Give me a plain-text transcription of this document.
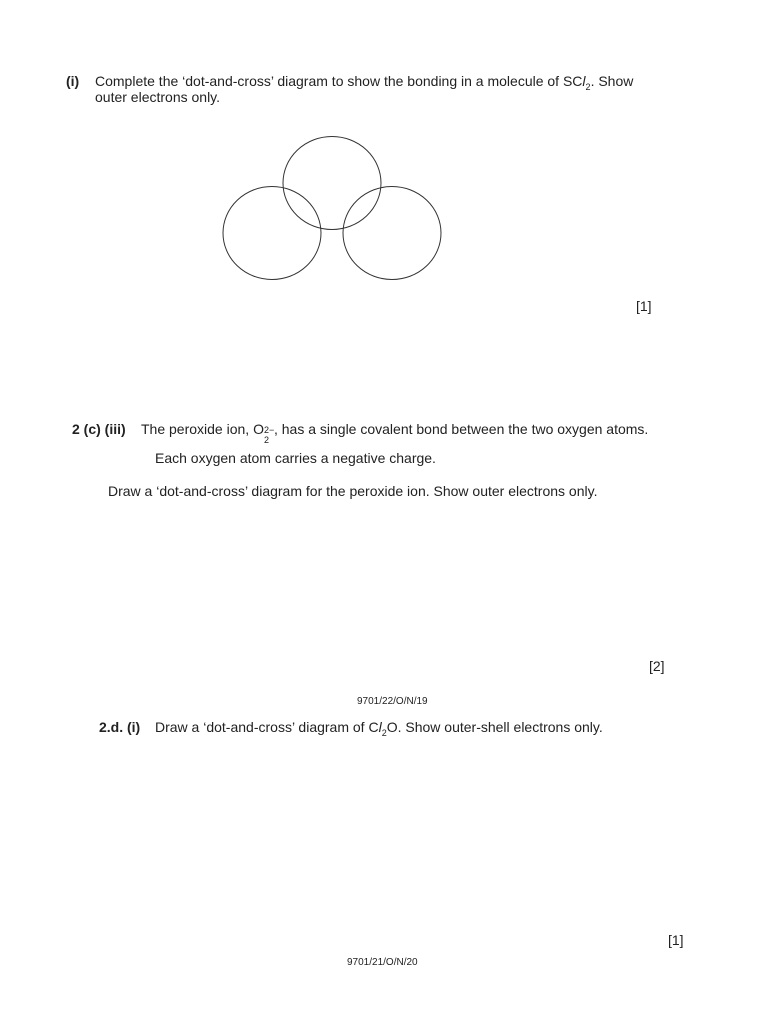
(i) Complete the ‘dot-and-cross’ diagram to show the bonding in a molecule of SCl$_2$. Show
outer electrons only.
[1]
2 (c) (iii) The peroxide ion, O 2−
2
, has a single covalent bond between the two oxygen atoms.
Each oxygen atom carries a negative charge.
Draw a ‘dot-and-cross’ diagram for the peroxide ion. Show outer electrons only.
[2]
9701/22/O/N/19
2.d. (i) Draw a ‘dot-and-cross’ diagram of $Cl_2O$. Show outer-shell electrons only.
[1]
9701/21/O/N/20
